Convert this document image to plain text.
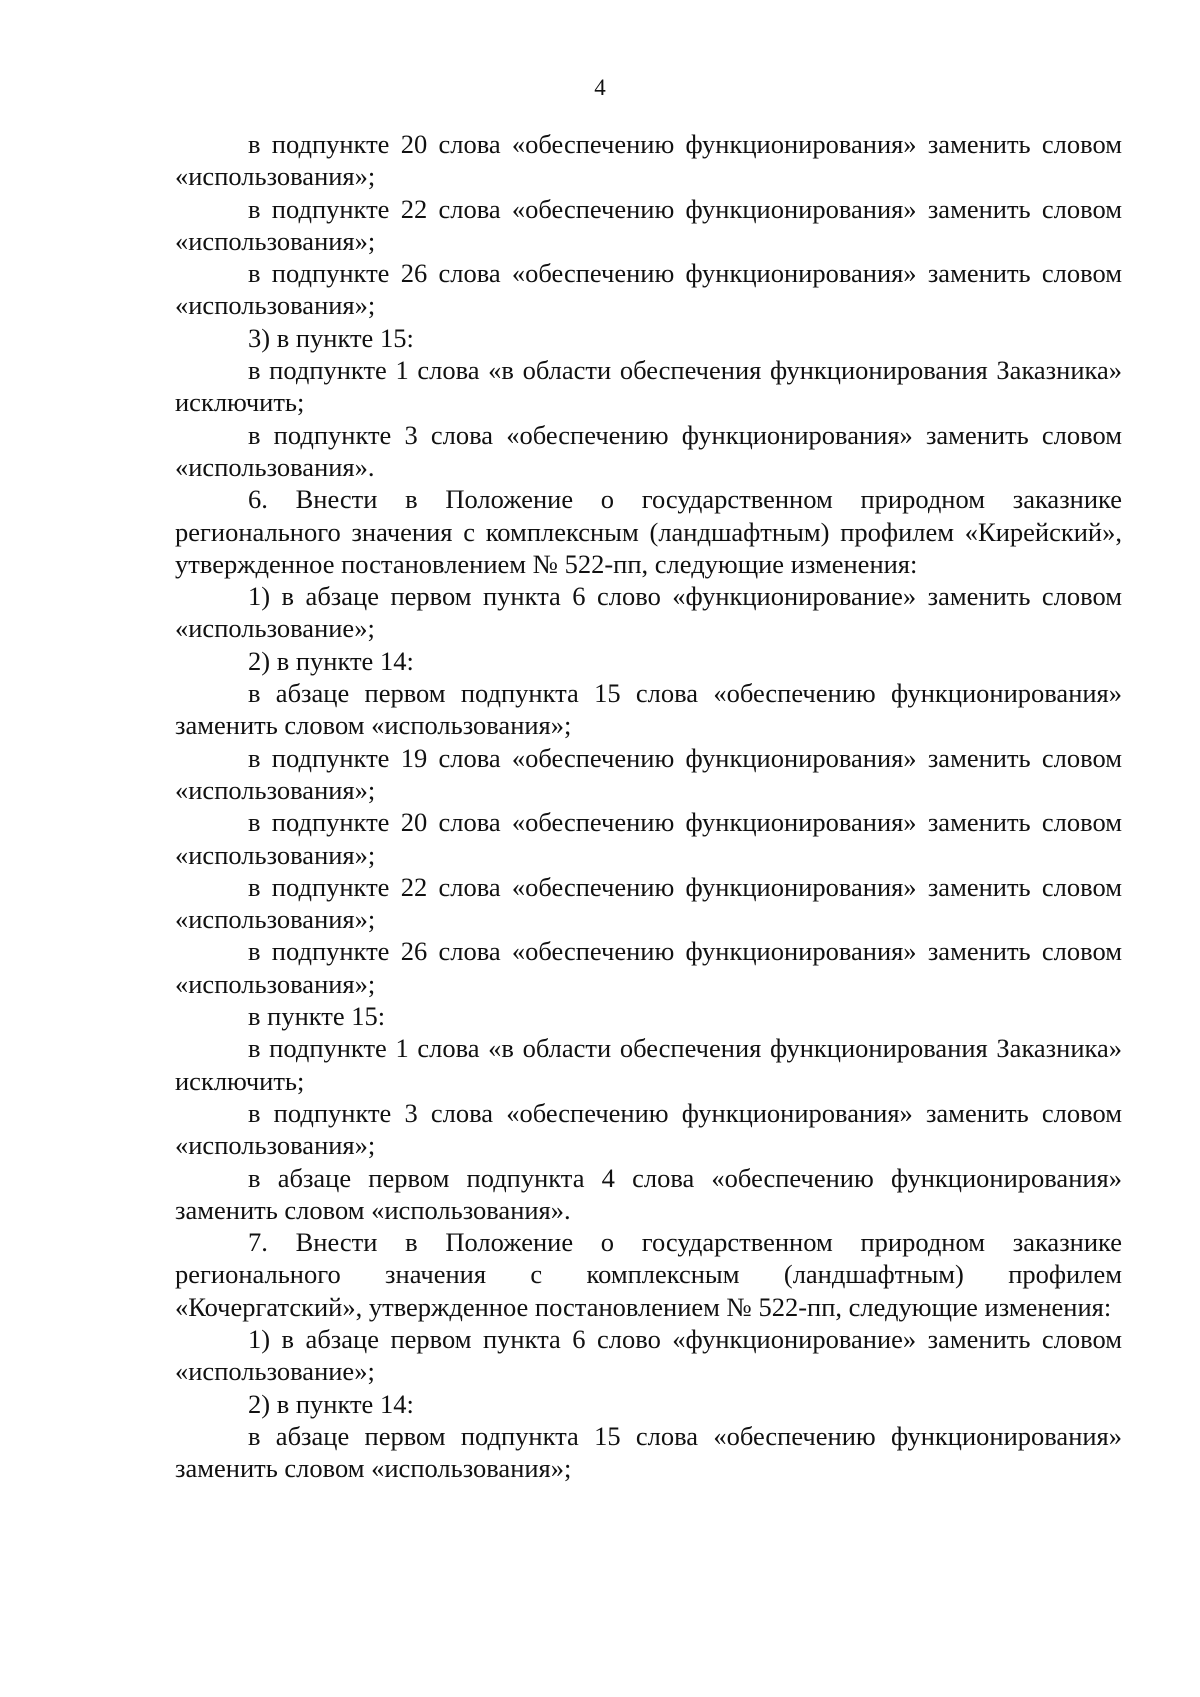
4

в подпункте 20 слова «обеспечению функционирования» заменить словом «использования»;

в подпункте 22 слова «обеспечению функционирования» заменить словом «использования»;

в подпункте 26 слова «обеспечению функционирования» заменить словом «использования»;

3) в пункте 15:

в подпункте 1 слова «в области обеспечения функционирования Заказника» исключить;

в подпункте 3 слова «обеспечению функционирования» заменить словом «использования».

6. Внести в Положение о государственном природном заказнике регионального значения с комплексным (ландшафтным) профилем «Кирейский», утвержденное постановлением № 522-пп, следующие изменения:

1) в абзаце первом пункта 6 слово «функционирование» заменить словом «использование»;

2) в пункте 14:

в абзаце первом подпункта 15 слова «обеспечению функционирования» заменить словом «использования»;

в подпункте 19 слова «обеспечению функционирования» заменить словом «использования»;

в подпункте 20 слова «обеспечению функционирования» заменить словом «использования»;

в подпункте 22 слова «обеспечению функционирования» заменить словом «использования»;

в подпункте 26 слова «обеспечению функционирования» заменить словом «использования»;

в пункте 15:

в подпункте 1 слова «в области обеспечения функционирования Заказника» исключить;

в подпункте 3 слова «обеспечению функционирования» заменить словом «использования»;

в абзаце первом подпункта 4 слова «обеспечению функционирования» заменить словом «использования».

7. Внести в Положение о государственном природном заказнике регионального значения с комплексным (ландшафтным) профилем «Кочергатский», утвержденное постановлением № 522-пп, следующие изменения:

1) в абзаце первом пункта 6 слово «функционирование» заменить словом «использование»;

2) в пункте 14:

в абзаце первом подпункта 15 слова «обеспечению функционирования» заменить словом «использования»;
